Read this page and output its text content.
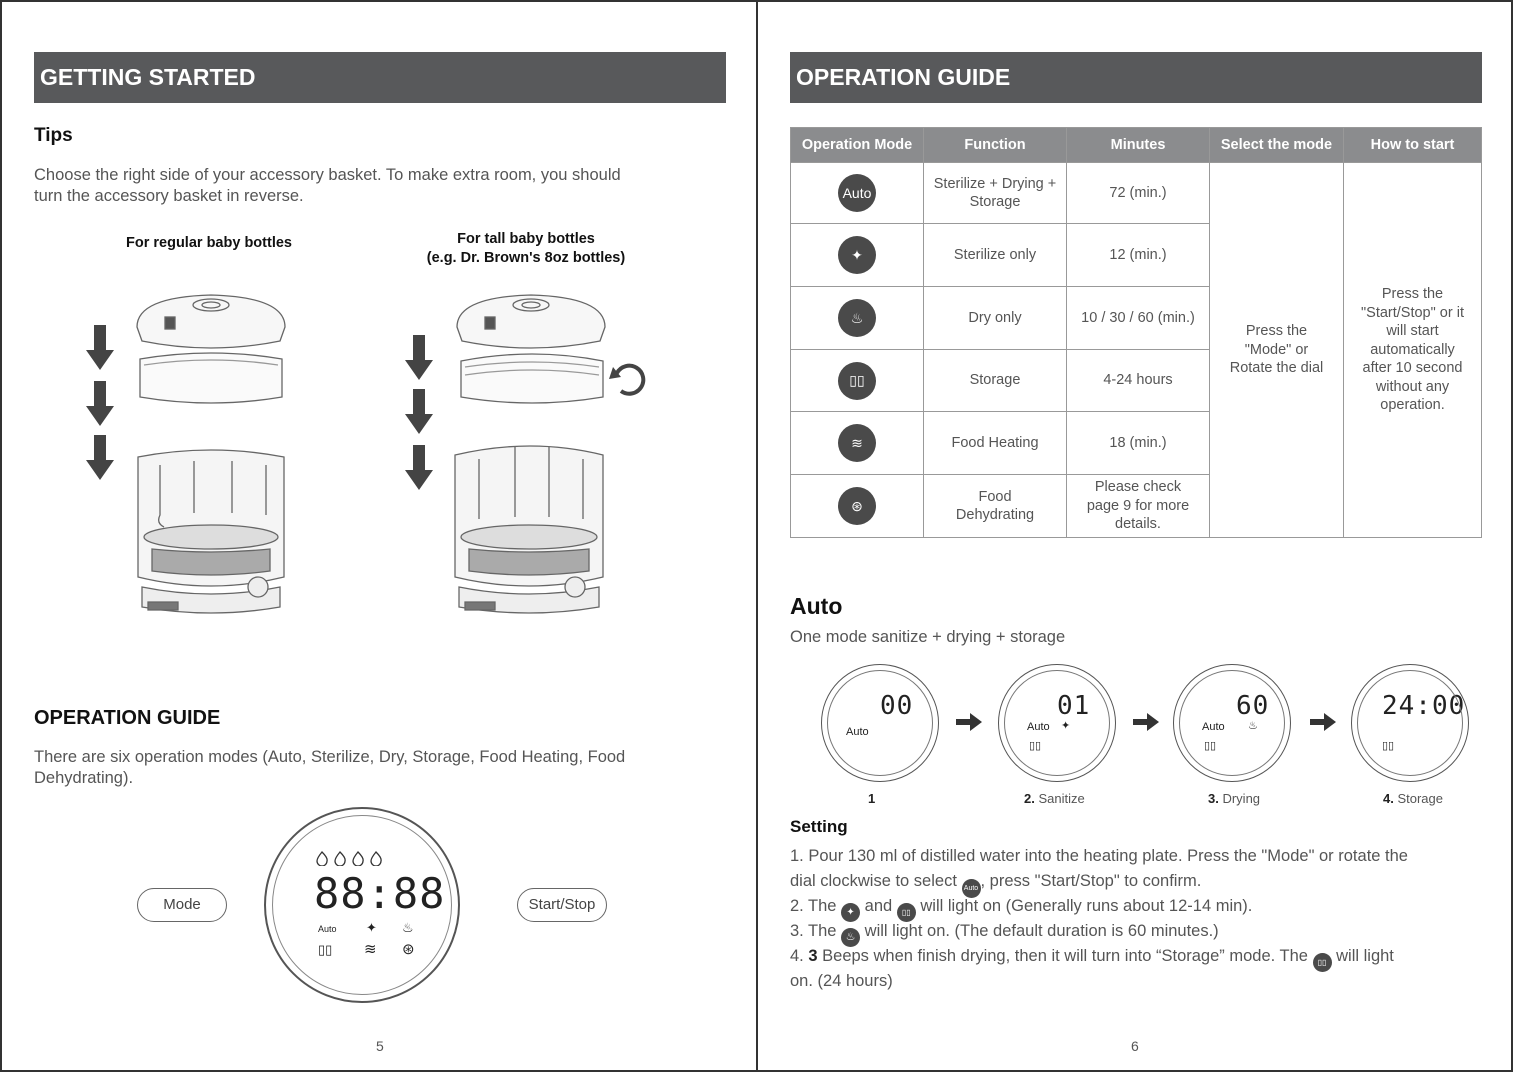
GETTING STARTED
Tips
Choose the right side of your accessory basket. To make extra room, you should
turn the accessory basket in reverse.
For regular baby bottles	For tall baby bottles
(e.g. Dr. Brown's 8oz bottles)
OPERATION GUIDE
There are six operation modes (Auto, Sterilize, Dry, Storage, Food Heating, Food
Dehydrating).
Mode	Start/Stop
88:88
Auto ✦ ♨
▯▯ ≋ ⊛
5
OPERATION GUIDE
Operation Mode	Function	Minutes	Select the mode	How to start

Auto	Sterilize + Drying + Storage	72 (min.)	Press the "Mode" or Rotate the dial	Press the "Start/Stop" or it will start automatically after 10 second without any operation.

✦	Sterilize only	12 (min.)		

♨	Dry only	10 / 30 / 60 (min.)		

▯▯	Storage	4-24 hours		

≋	Food Heating	18 (min.)		

⊛	Food Dehydrating	Please check page 9 for more details.		
Auto
One mode sanitize + drying + storage
00
Auto
01
Auto ✦
▯▯
60
Auto ♨
▯▯
24:00
▯▯
1	2. Sanitize	3. Drying	4. Storage
Setting
1. Pour 130 ml of distilled water into the heating plate. Press the "Mode" or rotate the
dial clockwise to select Auto , press "Start/Stop" to confirm.
2. The ✦ and ▯▯ will light on (Generally runs about 12-14 min).
3. The ♨ will light on. (The default duration is 60 minutes.)
4. 3 Beeps when finish drying, then it will turn into “Storage” mode. The ▯▯ will light
on. (24 hours)
6
